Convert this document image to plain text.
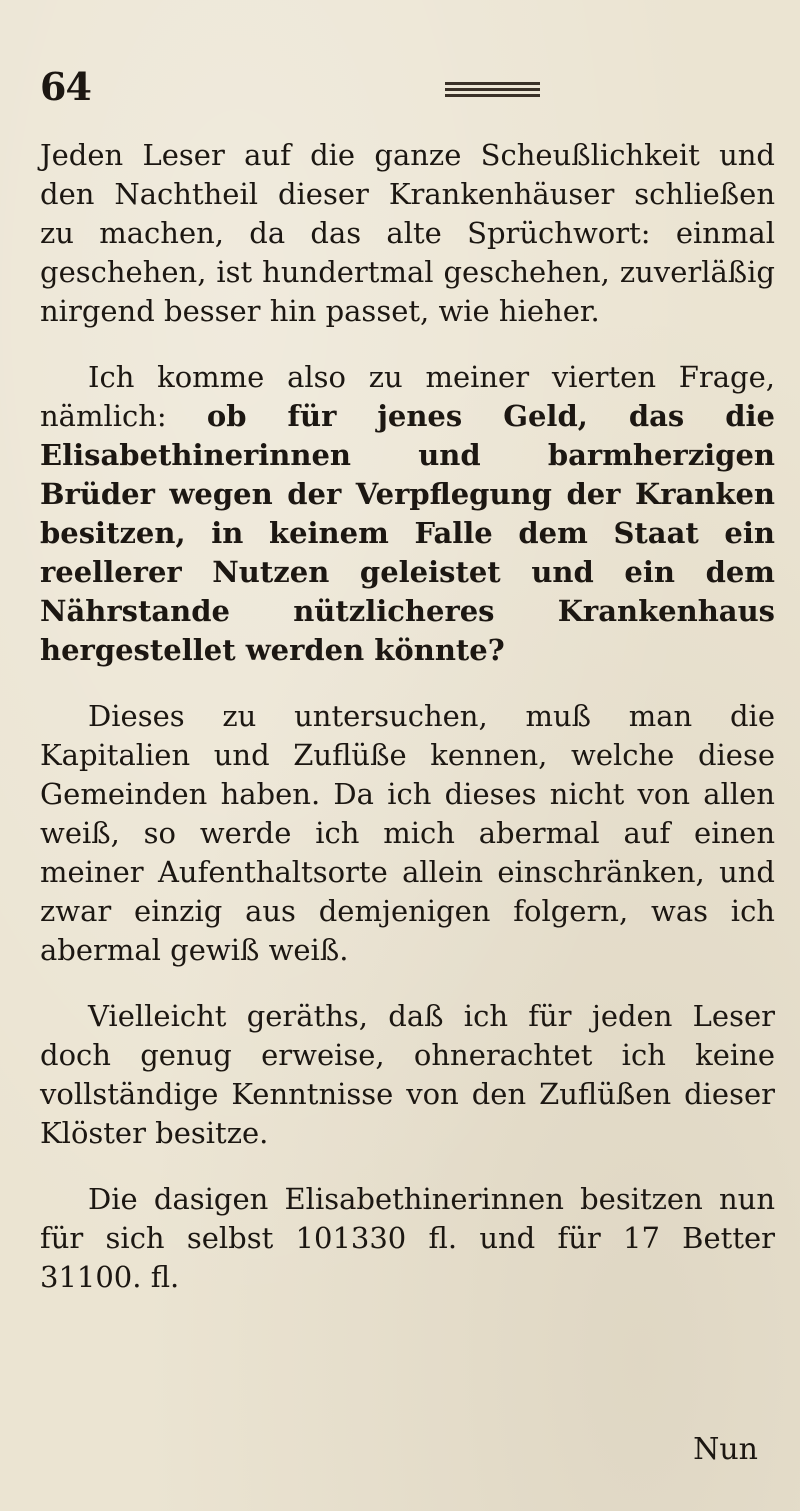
64

Jeden Leser auf die ganze Scheußlichkeit und den Nachtheil dieser Krankenhäuser schließen zu machen, da das alte Sprüchwort: einmal geschehen, ist hundertmal geschehen, zuverläßig nirgend besser hin passet, wie hieher.

Ich komme also zu meiner vierten Frage, nämlich: ob für jenes Geld, das die Elisabethinerinnen und barmherzigen Brüder wegen der Verpflegung der Kranken besitzen, in keinem Falle dem Staat ein reellerer Nutzen geleistet und ein dem Nährstande nützlicheres Krankenhaus hergestellet werden könnte?

Dieses zu untersuchen, muß man die Kapitalien und Zuflüße kennen, welche diese Gemeinden haben. Da ich dieses nicht von allen weiß, so werde ich mich abermal auf einen meiner Aufenthaltsorte allein einschränken, und zwar einzig aus demjenigen folgern, was ich abermal gewiß weiß.

Vielleicht geräths, daß ich für jeden Leser doch genug erweise, ohnerachtet ich keine vollständige Kenntnisse von den Zuflüßen dieser Klöster besitze.

Die dasigen Elisabethinerinnen besitzen nun für sich selbst 101330 fl. und für 17 Better 31100. fl.

Nun
